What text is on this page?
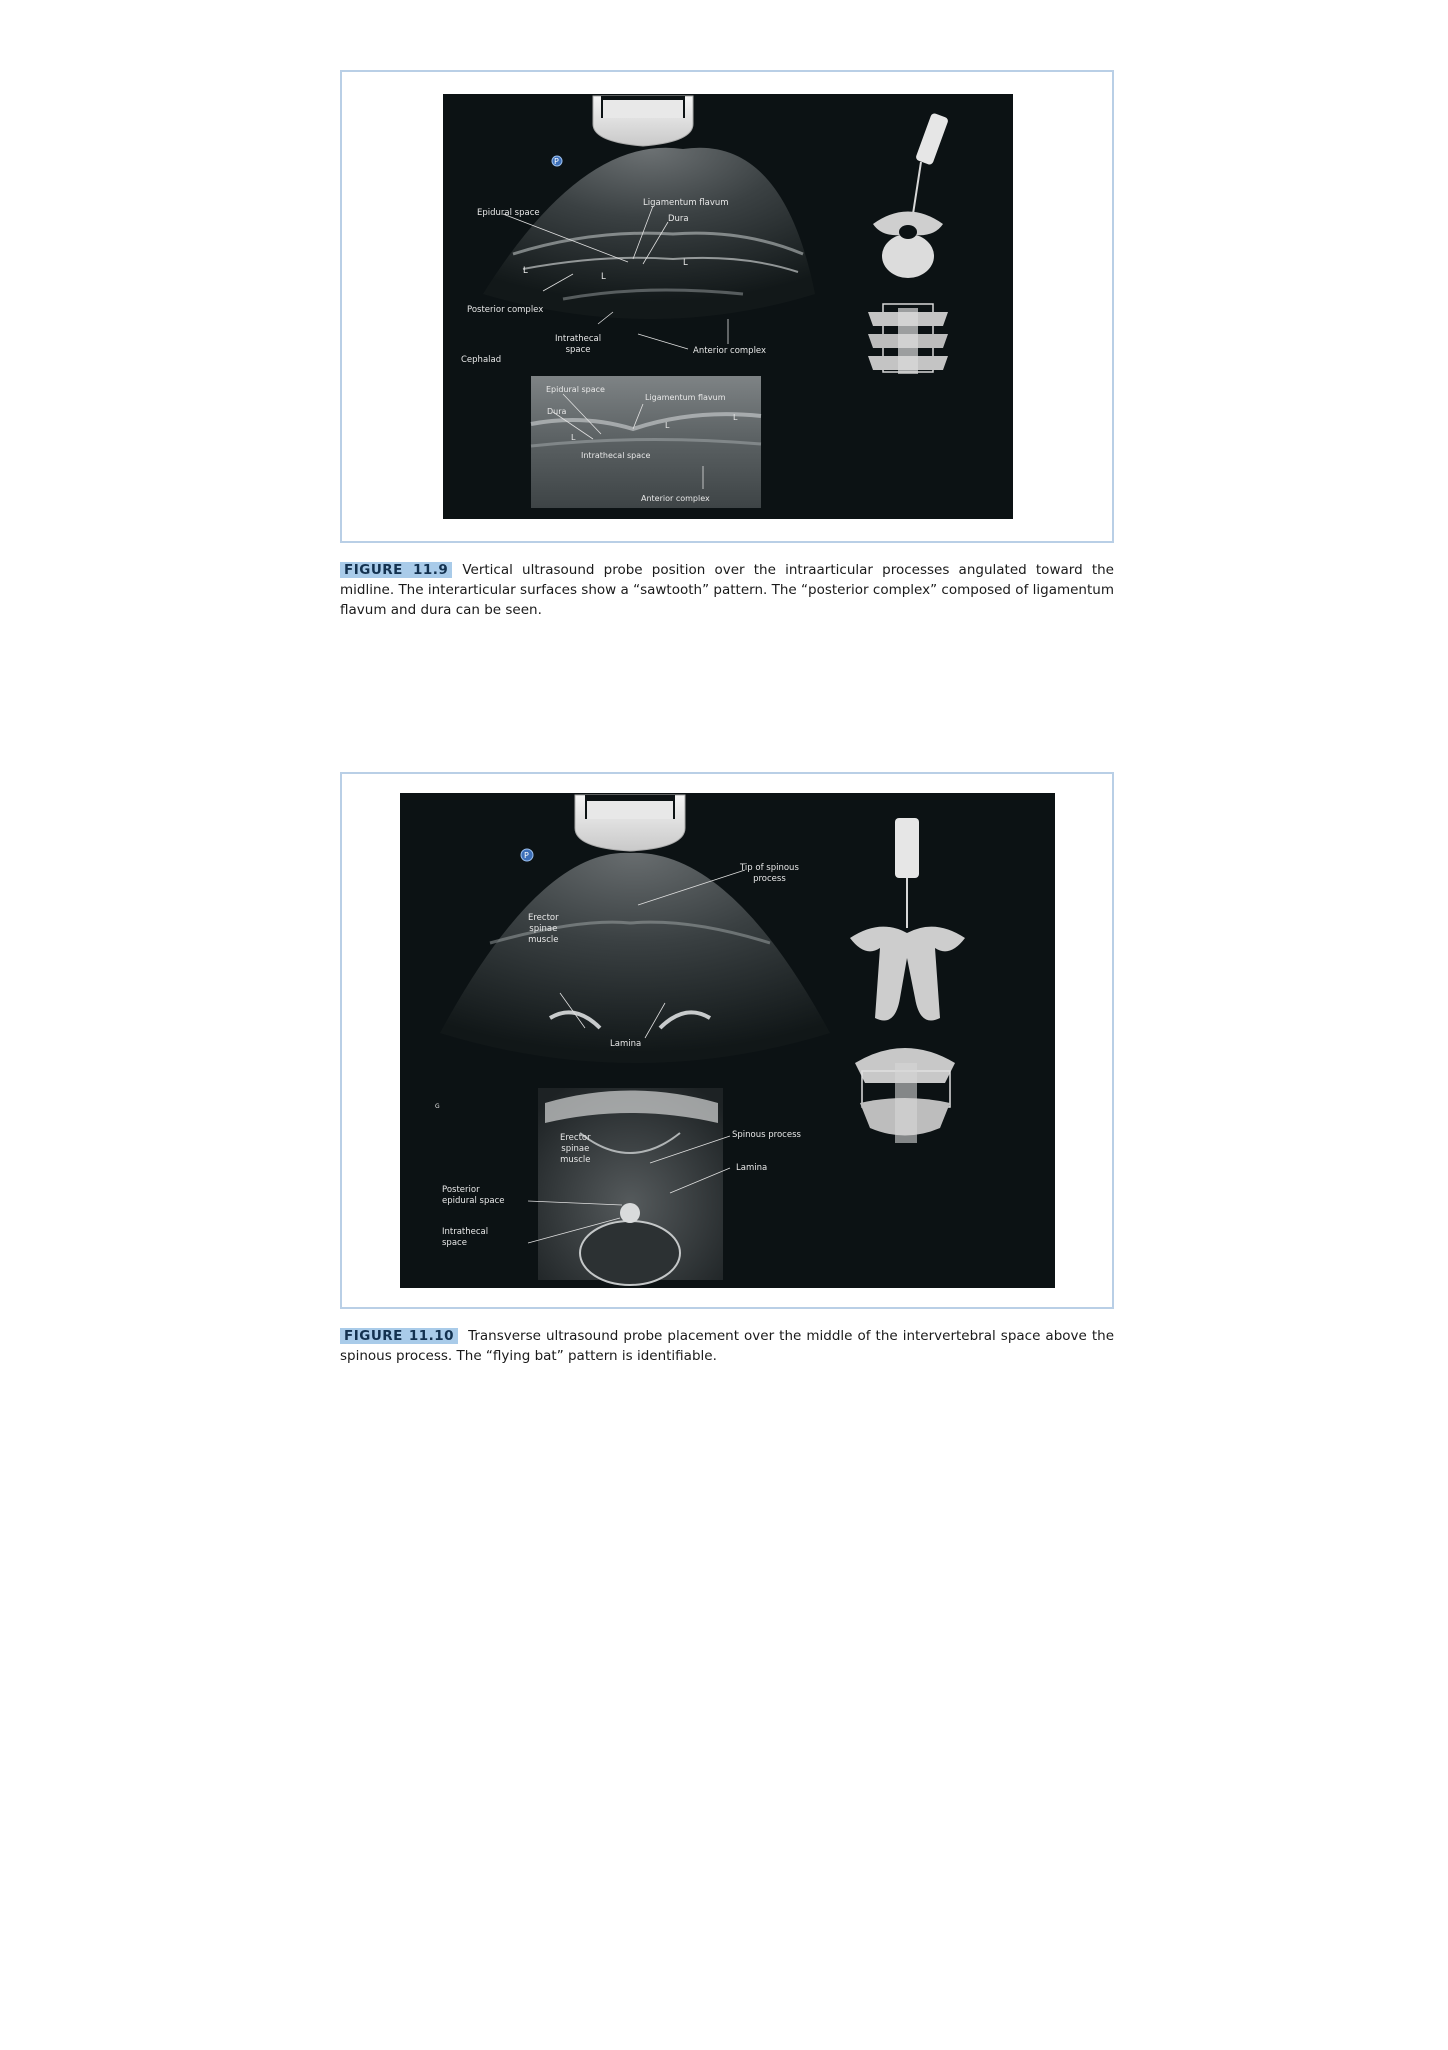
Epidural space
Ligamentum flavum
Dura
Posterior complex
Intrathecal
space	Anterior complex
Cephalad
L
L
L
P
Epidural space
Ligamentum flavum
Dura
Intrathecal space
Anterior complex
L
L
L
FIGURE 11.9 Vertical ultrasound probe position over the intraarticular processes angulated toward the midline. The interarticular surfaces show a “sawtooth” pattern. The “posterior complex” composed of ligamentum flavum and dura can be seen.
Tip of spinous
process
Erector
spinae
muscle
Lamina
P
G
Erector
spinae
muscle
Spinous process
Lamina
Posterior
epidural space
Intrathecal
space
FIGURE 11.10 Transverse ultrasound probe placement over the middle of the intervertebral space above the spinous process. The “flying bat” pattern is identifiable.
